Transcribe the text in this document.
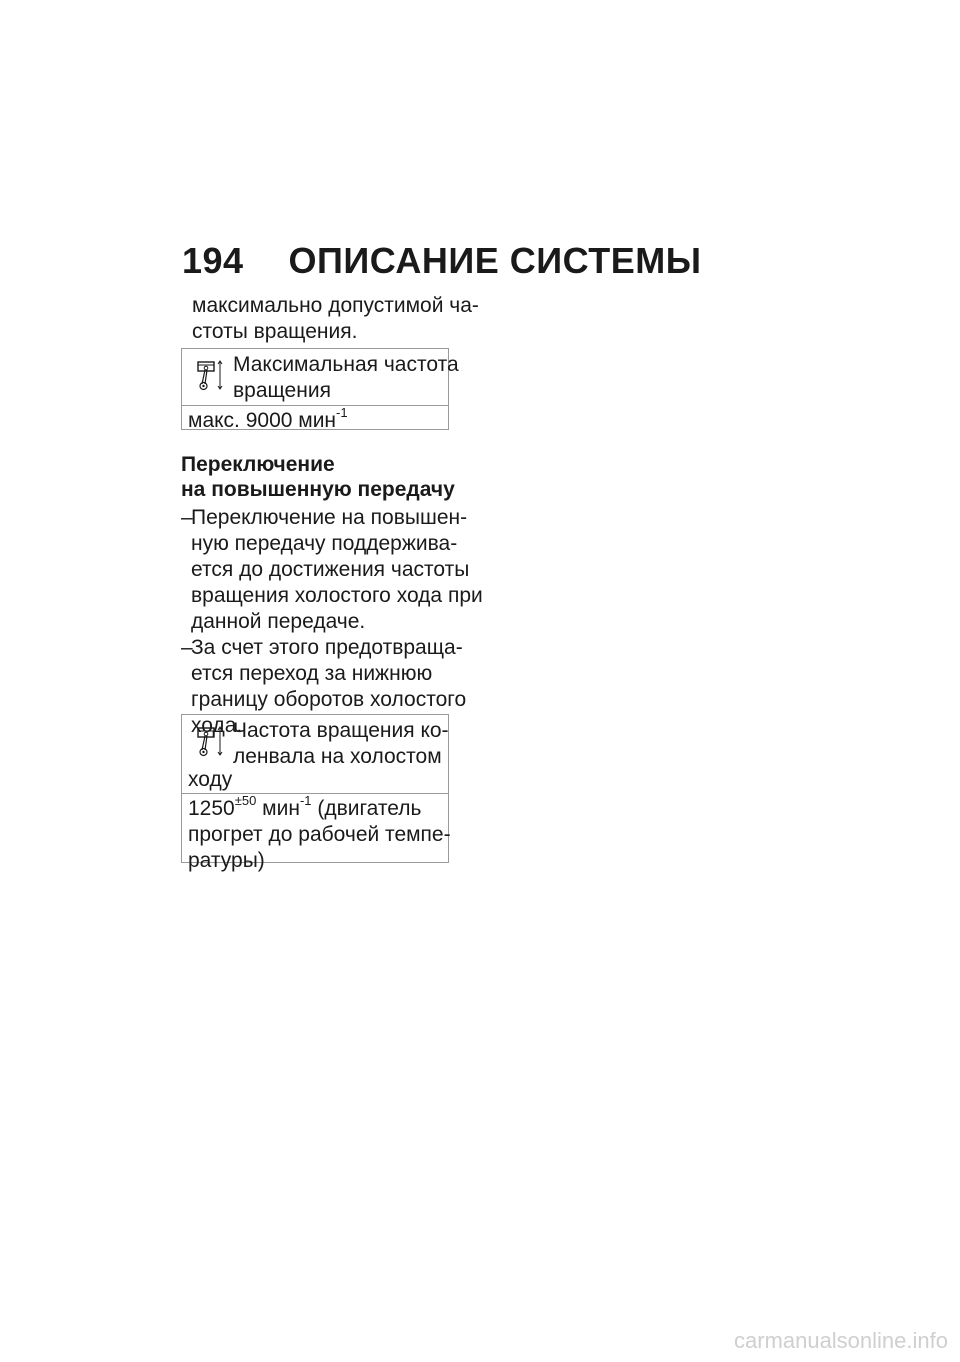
194 ОПИСАНИЕ СИСТЕМЫ
максимально допустимой ча-
стоты вращения.
Максимальная частота
вращения
макс. 9000 мин$^{-1}$
Переключение
на повышенную передачу
–
Переключение на повышен-
ную передачу поддержива-
ется до достижения частоты
вращения холостого хода при
данной передаче.
–
За счет этого предотвраща-
ется переход за нижнюю
границу оборотов холостого
хода.
Частота вращения ко-
ленвала на холостом
ходу
$1250^{\pm 50}$ мин$^{-1}$ (двигатель
прогрет до рабочей темпе-
ратуры)
carmanualsonline.info
